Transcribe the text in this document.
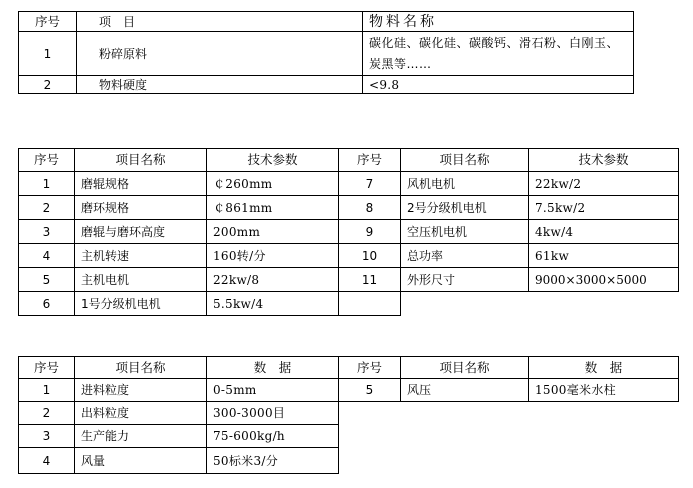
序号	项　目	物料名称
1	粉碎原料	碳化硅、碳化硅、碳酸钙、滑石粉、白刚玉、炭黑等……
2	物料硬度	<9.8
序号	项目名称	技术参数	序号	项目名称	技术参数
1	磨辊规格	￠260mm	7	风机电机	22kw/2
2	磨环规格	￠861mm	8	2号分级机电机	7.5kw/2
3	磨辊与磨环高度	200mm	9	空压机电机	4kw/4
4	主机转速	160转/分	10	总功率	61kw
5	主机电机	22kw/8	11	外形尺寸	9000×3000×5000
6	1号分级机电机	5.5kw/4			
序号	项目名称	数　据	序号	项目名称	数　据
1	进料粒度	0-5mm	5	风压	1500毫米水柱
2	出料粒度	300-3000目			
3	生产能力	75-600kg/h			
4	风量	50标米3/分			
